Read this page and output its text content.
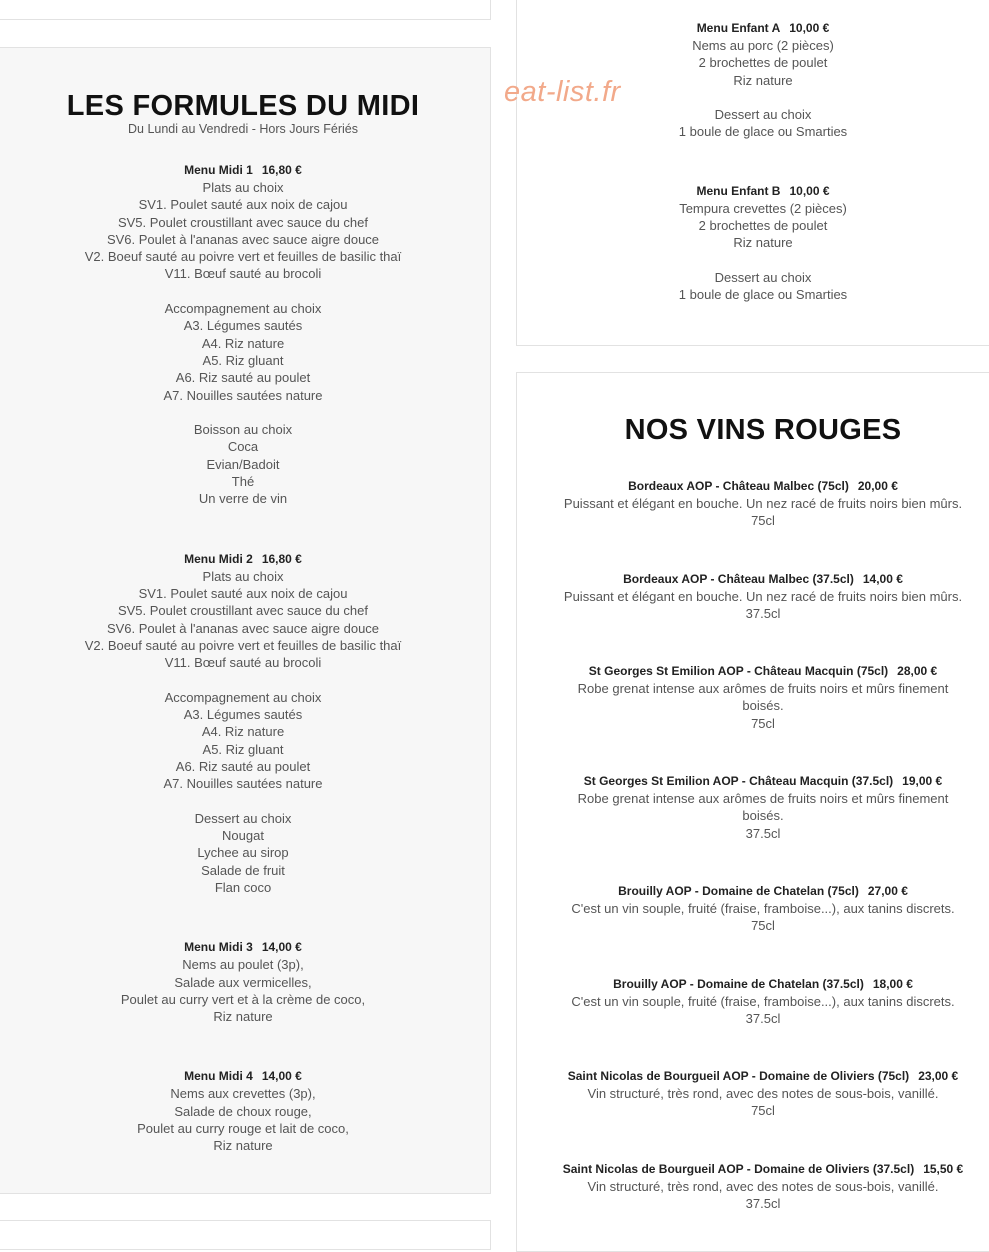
eat-list.fr
LES FORMULES DU MIDI
Du Lundi au Vendredi - Hors Jours Fériés
Menu Midi 1 16,80 €
Plats au choix
SV1. Poulet sauté aux noix de cajou
SV5. Poulet croustillant avec sauce du chef
SV6. Poulet à l'ananas avec sauce aigre douce
V2. Boeuf sauté au poivre vert et feuilles de basilic thaï
V11. Bœuf sauté au brocoli
Accompagnement au choix
A3. Légumes sautés
A4. Riz nature
A5. Riz gluant
A6. Riz sauté au poulet
A7. Nouilles sautées nature
Boisson au choix
Coca
Evian/Badoit
Thé
Un verre de vin
Menu Midi 2 16,80 €
Plats au choix
SV1. Poulet sauté aux noix de cajou
SV5. Poulet croustillant avec sauce du chef
SV6. Poulet à l'ananas avec sauce aigre douce
V2. Boeuf sauté au poivre vert et feuilles de basilic thaï
V11. Bœuf sauté au brocoli
Accompagnement au choix
A3. Légumes sautés
A4. Riz nature
A5. Riz gluant
A6. Riz sauté au poulet
A7. Nouilles sautées nature
Dessert au choix
Nougat
Lychee au sirop
Salade de fruit
Flan coco
Menu Midi 3 14,00 €
Nems au poulet (3p),
Salade aux vermicelles,
Poulet au curry vert et à la crème de coco,
Riz nature
Menu Midi 4 14,00 €
Nems aux crevettes (3p),
Salade de choux rouge,
Poulet au curry rouge et lait de coco,
Riz nature
Menu Enfant A 10,00 €
Nems au porc (2 pièces)
2 brochettes de poulet
Riz nature
Dessert au choix
1 boule de glace ou Smarties
Menu Enfant B 10,00 €
Tempura crevettes (2 pièces)
2 brochettes de poulet
Riz nature
Dessert au choix
1 boule de glace ou Smarties
NOS VINS ROUGES
Bordeaux AOP - Château Malbec (75cl) 20,00 €
Puissant et élégant en bouche. Un nez racé de fruits noirs bien mûrs.
75cl
Bordeaux AOP - Château Malbec (37.5cl) 14,00 €
Puissant et élégant en bouche. Un nez racé de fruits noirs bien mûrs.
37.5cl
St Georges St Emilion AOP - Château Macquin (75cl) 28,00 €
Robe grenat intense aux arômes de fruits noirs et mûrs finement
boisés.
75cl
St Georges St Emilion AOP - Château Macquin (37.5cl) 19,00 €
Robe grenat intense aux arômes de fruits noirs et mûrs finement
boisés.
37.5cl
Brouilly AOP - Domaine de Chatelan (75cl) 27,00 €
C'est un vin souple, fruité (fraise, framboise...), aux tanins discrets.
75cl
Brouilly AOP - Domaine de Chatelan (37.5cl) 18,00 €
C'est un vin souple, fruité (fraise, framboise...), aux tanins discrets.
37.5cl
Saint Nicolas de Bourgueil AOP - Domaine de Oliviers (75cl) 23,00 €
Vin structuré, très rond, avec des notes de sous-bois, vanillé.
75cl
Saint Nicolas de Bourgueil AOP - Domaine de Oliviers (37.5cl) 15,50 €
Vin structuré, très rond, avec des notes de sous-bois, vanillé.
37.5cl
